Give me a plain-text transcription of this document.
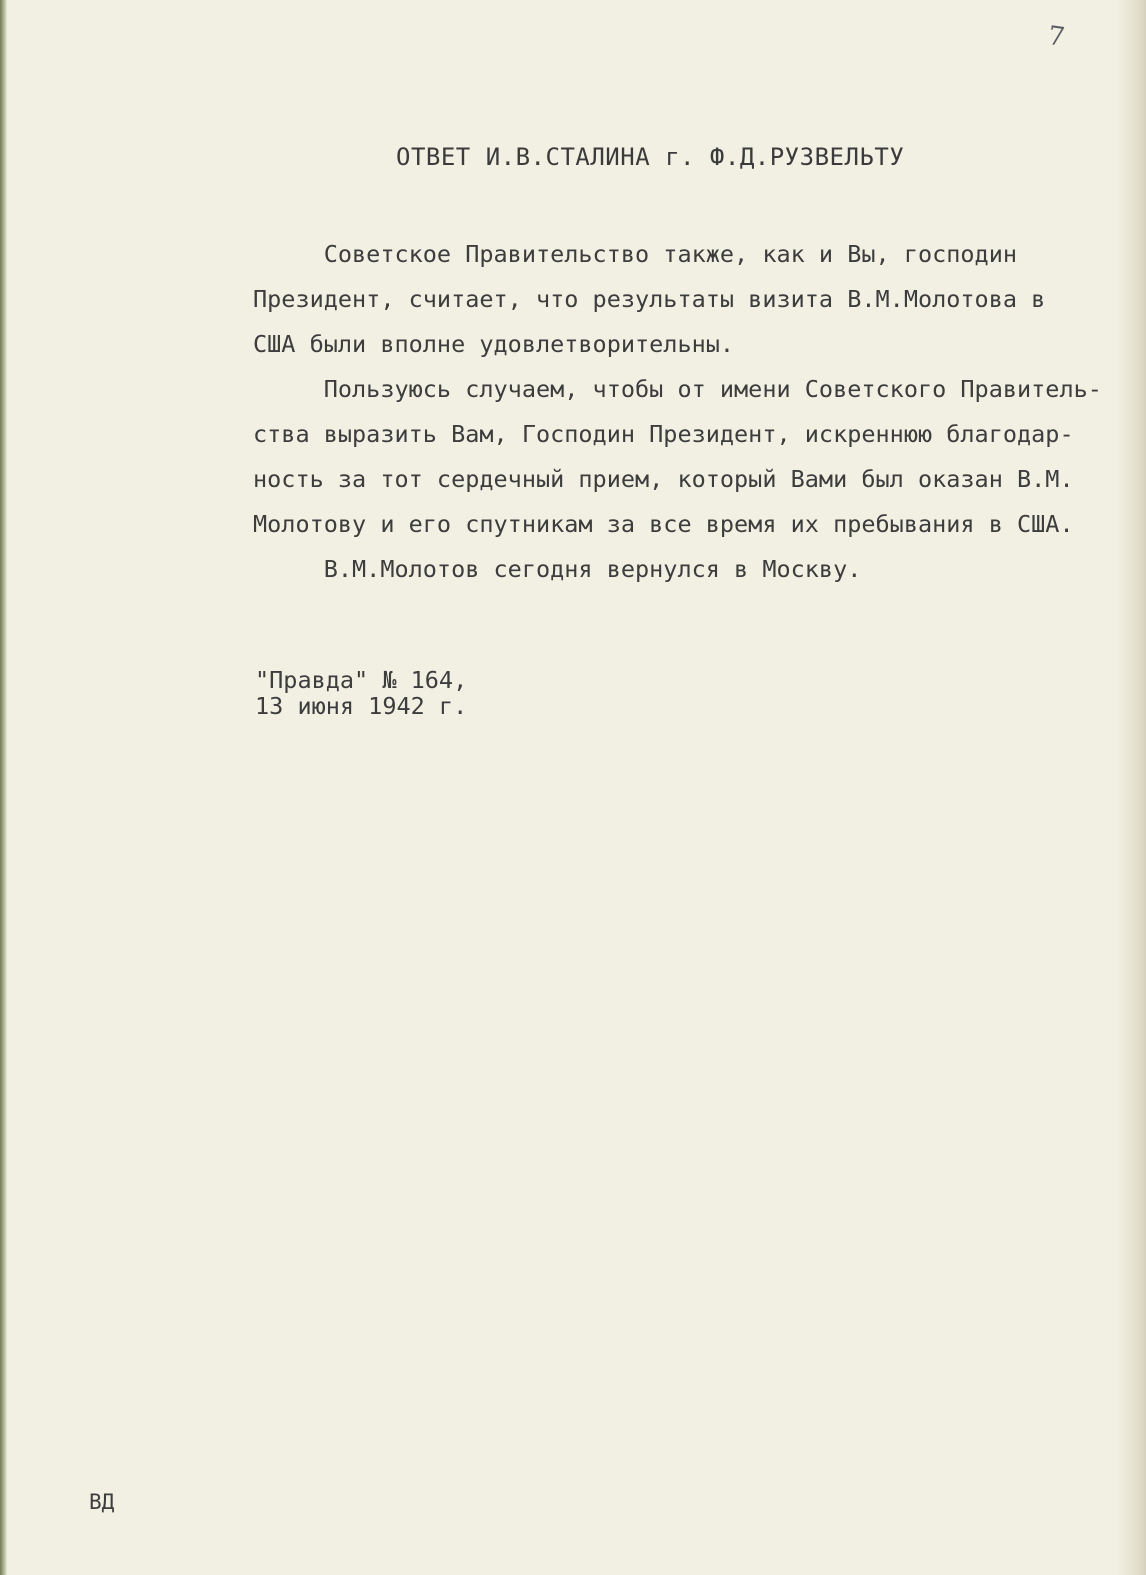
7
ОТВЕТ И.В.СТАЛИНА г. Ф.Д.РУЗВЕЛЬТУ
Советское Правительство также, как и Вы, господин
Президент, считает, что результаты визита В.М.Молотова в
США были вполне удовлетворительны.
Пользуюсь случаем, чтобы от имени Советского Правитель-
ства выразить Вам, Господин Президент, искреннюю благодар-
ность за тот сердечный прием, который Вами был оказан В.М.
Молотову и его спутникам за все время их пребывания в США.
В.М.Молотов сегодня вернулся в Москву.
"Правда" № 164,
13 июня 1942 г.
ВД
